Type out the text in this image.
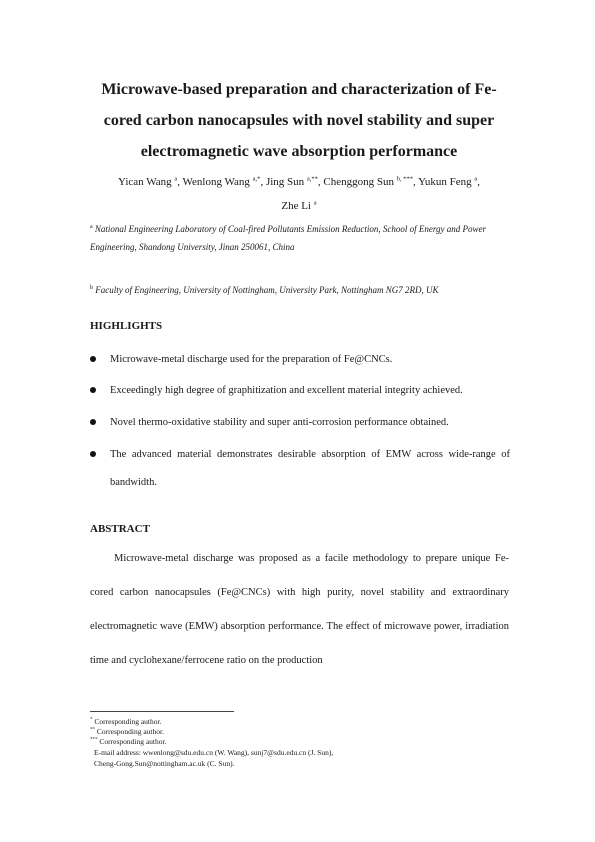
Microwave-based preparation and characterization of Fe-cored carbon nanocapsules with novel stability and super electromagnetic wave absorption performance
Yican Wang $^a$, Wenlong Wang $^{a,*}$, Jing Sun $^{a,**}$, Chenggong Sun $^{b, ***}$, Yukun Feng $^a$,
Zhe Li $^a$
$^a$ National Engineering Laboratory of Coal-fired Pollutants Emission Reduction, School of Energy and Power Engineering, Shandong University, Jinan 250061, China
$^b$ Faculty of Engineering, University of Nottingham, University Park, Nottingham NG7 2RD, UK
HIGHLIGHTS
Microwave-metal discharge used for the preparation of Fe@CNCs.
Exceedingly high degree of graphitization and excellent material integrity achieved.
Novel thermo-oxidative stability and super anti-corrosion performance obtained.
The advanced material demonstrates desirable absorption of EMW across wide-range of bandwidth.
ABSTRACT

Microwave-metal discharge was proposed as a facile methodology to prepare unique Fe-cored carbon nanocapsules (Fe@CNCs) with high purity, novel stability and extraordinary electromagnetic wave (EMW) absorption performance. The effect of microwave power, irradiation time and cyclohexane/ferrocene ratio on the production

* Corresponding author.
** Corresponding author.
*** Corresponding author.
E-mail address: wwenlong@sdu.edu.cn (W. Wang), sunj7@sdu.edu.cn (J. Sun),
Cheng-Gong.Sun@nottingham.ac.uk (C. Sun).
